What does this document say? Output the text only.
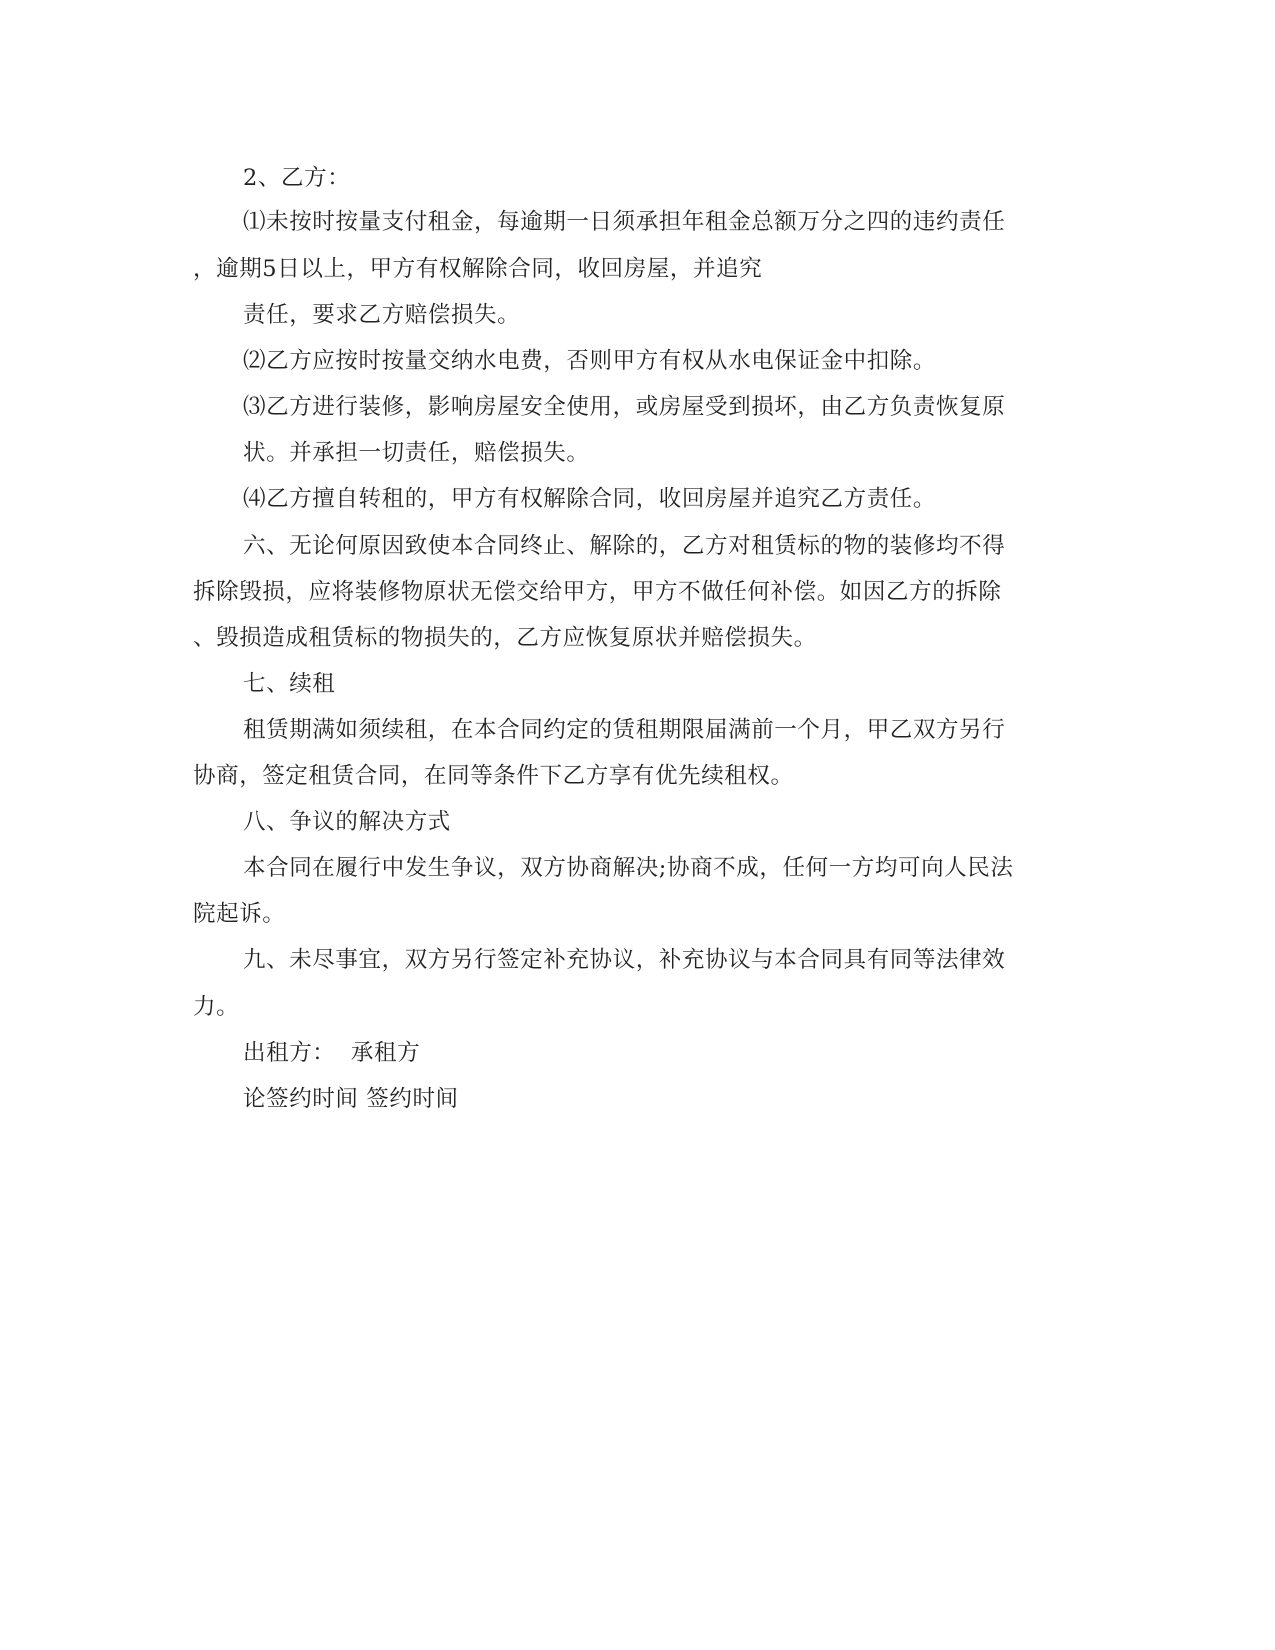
2、乙方：
⑴未按时按量支付租金，每逾期一日须承担年租金总额万分之四的违约责任
，逾期5日以上，甲方有权解除合同，收回房屋，并追究
责任，要求乙方赔偿损失。
⑵乙方应按时按量交纳水电费，否则甲方有权从水电保证金中扣除。
⑶乙方进行装修，影响房屋安全使用，或房屋受到损坏，由乙方负责恢复原
状。并承担一切责任，赔偿损失。
⑷乙方擅自转租的，甲方有权解除合同，收回房屋并追究乙方责任。
六、无论何原因致使本合同终止、解除的，乙方对租赁标的物的装修均不得
拆除毁损，应将装修物原状无偿交给甲方，甲方不做任何补偿。如因乙方的拆除
、毁损造成租赁标的物损失的，乙方应恢复原状并赔偿损失。
七、续租
租赁期满如须续租，在本合同约定的赁租期限届满前一个月，甲乙双方另行
协商，签定租赁合同，在同等条件下乙方享有优先续租权。
八、争议的解决方式
本合同在履行中发生争议，双方协商解决;协商不成，任何一方均可向人民法
院起诉。
九、未尽事宜，双方另行签定补充协议，补充协议与本合同具有同等法律效
力。
出租方：  承租方
论签约时间 签约时间
